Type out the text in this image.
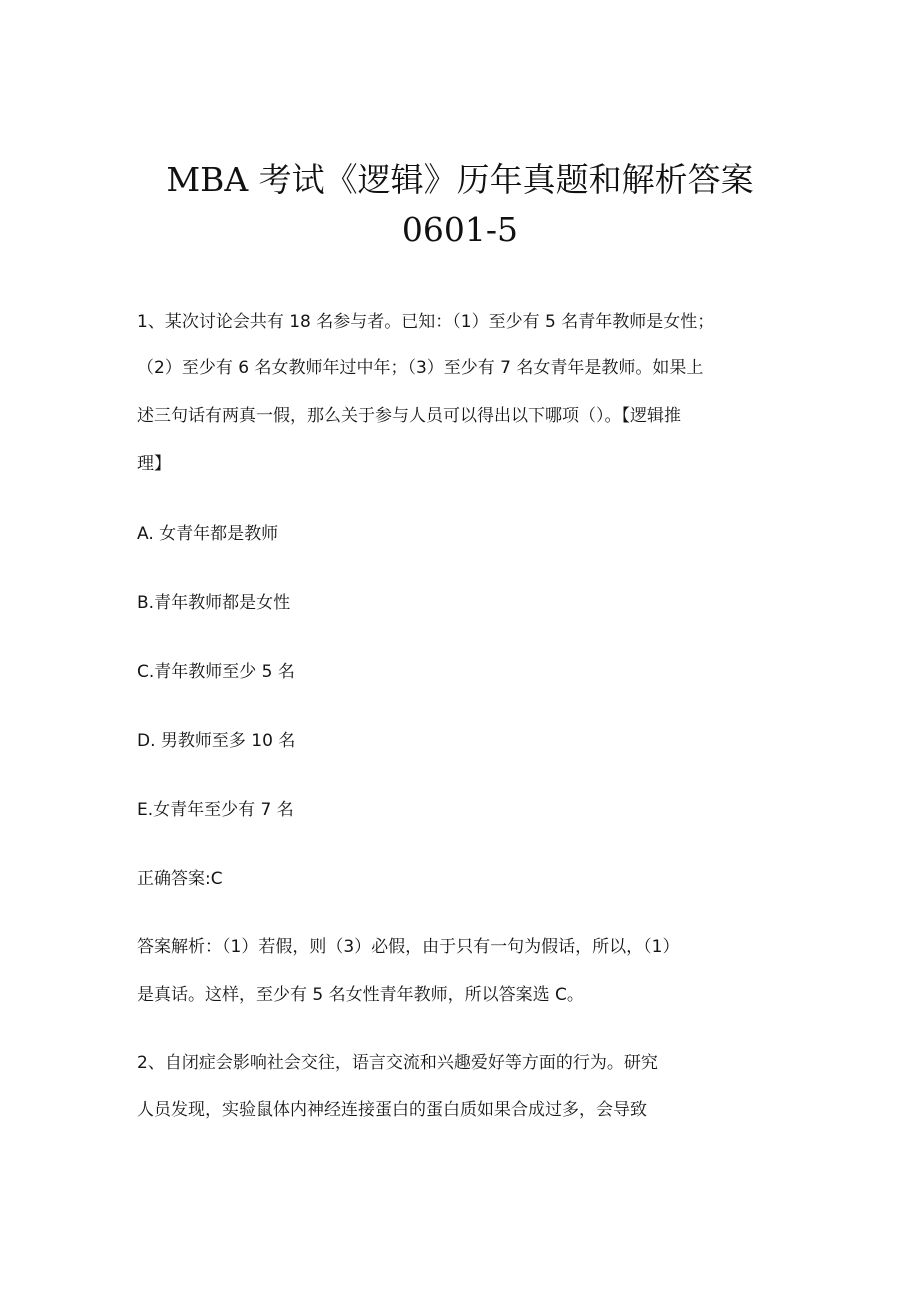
MBA 考试《逻辑》历年真题和解析答案
0601-5
1、某次讨论会共有 18 名参与者。已知：（1）至少有 5 名青年教师是女性；
（2）至少有 6 名女教师年过中年；（3）至少有 7 名女青年是教师。如果上
述三句话有两真一假，那么关于参与人员可以得出以下哪项（）。【逻辑推
理】
A. 女青年都是教师
B.青年教师都是女性
C.青年教师至少 5 名
D. 男教师至多 10 名
E.女青年至少有 7 名
正确答案:C
答案解析：（1）若假，则（3）必假，由于只有一句为假话，所以，（1）
是真话。这样，至少有 5 名女性青年教师，所以答案选 C。
2、自闭症会影响社会交往，语言交流和兴趣爱好等方面的行为。研究
人员发现，实验鼠体内神经连接蛋白的蛋白质如果合成过多，会导致
